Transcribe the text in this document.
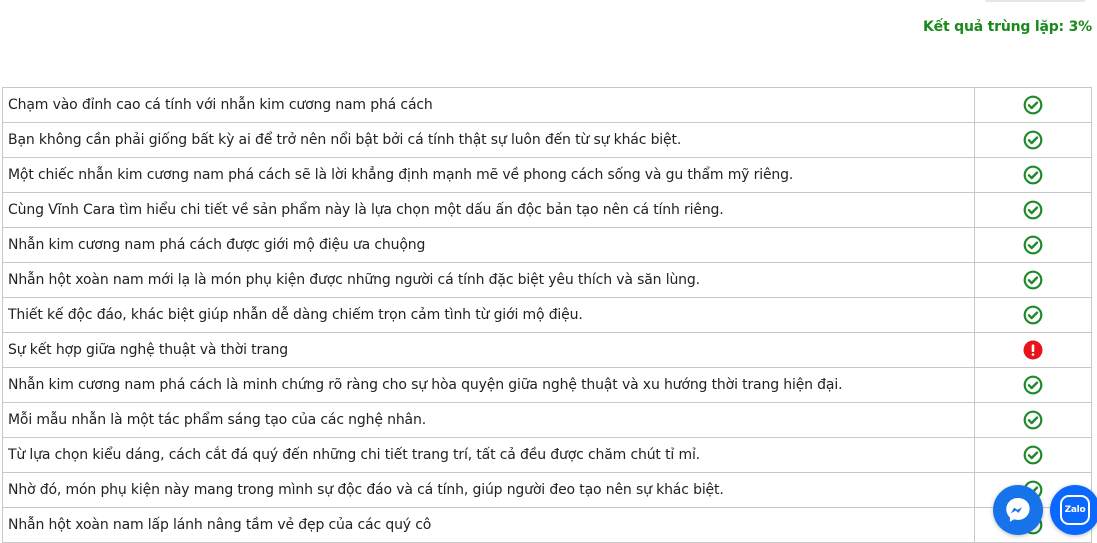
Kết quả trùng lặp: 3%
Chạm vào đỉnh cao cá tính với nhẫn kim cương nam phá cách	

Bạn không cần phải giống bất kỳ ai để trở nên nổi bật bởi cá tính thật sự luôn đến từ sự khác biệt.	

Một chiếc nhẫn kim cương nam phá cách sẽ là lời khẳng định mạnh mẽ về phong cách sống và gu thẩm mỹ riêng.	

Cùng Vĩnh Cara tìm hiểu chi tiết về sản phẩm này là lựa chọn một dấu ấn độc bản tạo nên cá tính riêng.	

Nhẫn kim cương nam phá cách được giới mộ điệu ưa chuộng	

Nhẫn hột xoàn nam mới lạ là món phụ kiện được những người cá tính đặc biệt yêu thích và săn lùng.	

Thiết kế độc đáo, khác biệt giúp nhẫn dễ dàng chiếm trọn cảm tình từ giới mộ điệu.	

Sự kết hợp giữa nghệ thuật và thời trang	

Nhẫn kim cương nam phá cách là minh chứng rõ ràng cho sự hòa quyện giữa nghệ thuật và xu hướng thời trang hiện đại.	

Mỗi mẫu nhẫn là một tác phẩm sáng tạo của các nghệ nhân.	

Từ lựa chọn kiểu dáng, cách cắt đá quý đến những chi tiết trang trí, tất cả đều được chăm chút tỉ mỉ.	

Nhờ đó, món phụ kiện này mang trong mình sự độc đáo và cá tính, giúp người đeo tạo nên sự khác biệt.	

Nhẫn hột xoàn nam lấp lánh nâng tầm vẻ đẹp của các quý cô	
Zalo
